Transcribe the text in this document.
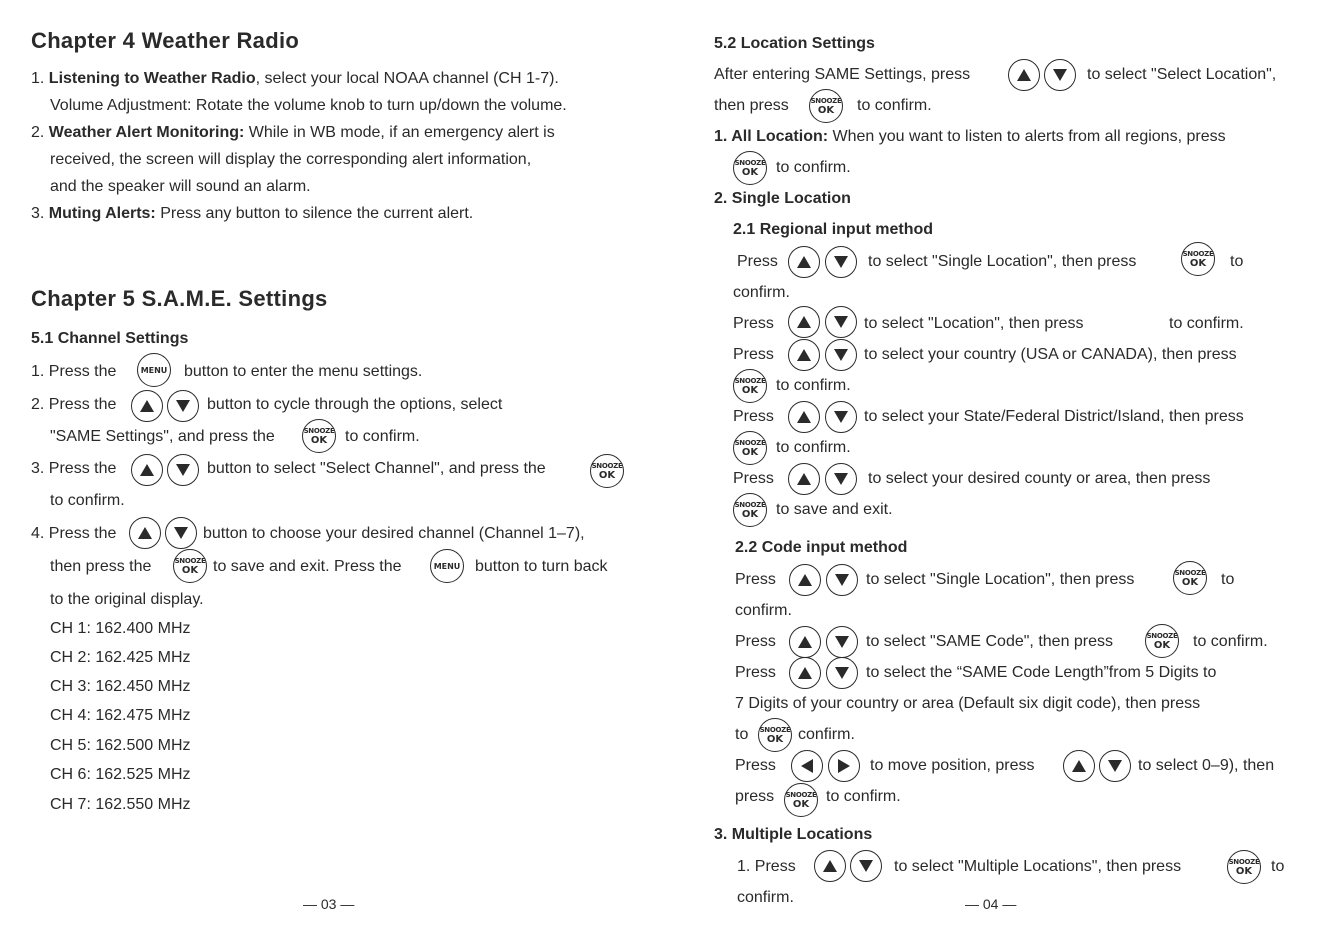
Chapter 4 Weather Radio
1. Listening to Weather Radio, select your local NOAA channel (CH 1-7).
Volume Adjustment: Rotate the volume knob to turn up/down the volume.
2. Weather Alert Monitoring: While in WB mode, if an emergency alert is
received, the screen will display the corresponding alert information,
and the speaker will sound an alarm.
3. Muting Alerts: Press any button to silence the current alert.
Chapter 5 S.A.M.E. Settings
5.1 Channel Settings
1. Press the	MENU button to enter the menu settings.
2. Press the	button to cycle through the options, select
"SAME Settings", and press the	SNOOZE
OK to confirm.
3. Press the	button to select "Select Channel", and press the	SNOOZE
OK
to confirm.
4. Press the	button to choose your desired channel (Channel 1–7),
then press the	SNOOZE
OK to save and exit. Press the	MENU button to turn back
to the original display.
CH 1: 162.400 MHz
CH 2: 162.425 MHz
CH 3: 162.450 MHz
CH 4: 162.475 MHz
CH 5: 162.500 MHz
CH 6: 162.525 MHz
CH 7: 162.550 MHz
— 03 —
5.2 Location Settings
After entering SAME Settings, press	to select "Select Location",
then press	SNOOZE
OK to confirm.
1. All Location: When you want to listen to alerts from all regions, press
SNOOZE
OK to confirm.
2. Single Location
2.1 Regional input method
Press	to select "Single Location", then press	SNOOZE
OK to
confirm.
Press	to select "Location", then press	to confirm.
Press	to select your country (USA or CANADA), then press
SNOOZE
OK to confirm.
Press	to select your State/Federal District/Island, then press
SNOOZE
OK to confirm.
Press	to select your desired county or area, then press
SNOOZE
OK to save and exit.
2.2 Code input method
Press	to select "Single Location", then press	SNOOZE
OK to
confirm.
Press	to select "SAME Code", then press	SNOOZE
OK to confirm.
Press	to select the “SAME Code Length”from 5 Digits to
7 Digits of your country or area (Default six digit code), then press
to SNOOZE
OK confirm.
Press	to move position, press	to select 0–9), then
press SNOOZE
OK to confirm.
3. Multiple Locations
1. Press	to select "Multiple Locations", then press	SNOOZE
OK to
confirm.	— 04 —
